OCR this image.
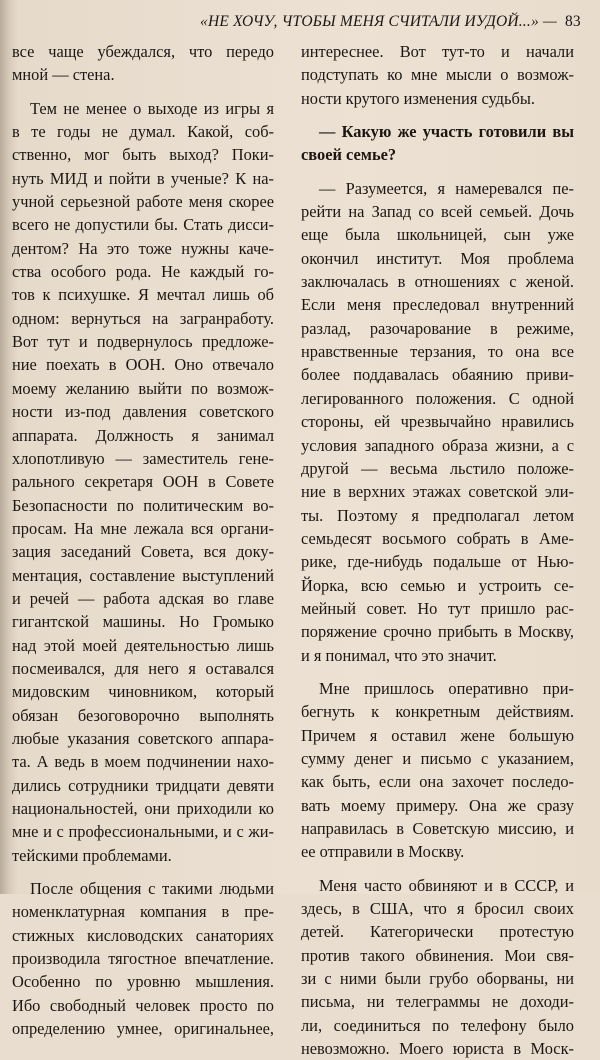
«НЕ ХОЧУ, ЧТОБЫ МЕНЯ СЧИТАЛИ ИУДОЙ...» — 83
все чаще убеждался, что передо
мной — стена.
Тем не менее о выходе из игры я
в те годы не думал. Какой, соб-
ственно, мог быть выход? Поки-
нуть МИД и пойти в ученые? К на-
учной серьезной работе меня скорее
всего не допустили бы. Стать дисси-
дентом? На это тоже нужны каче-
ства особого рода. Не каждый го-
тов к психушке. Я мечтал лишь об
одном: вернуться на загранработу.
Вот тут и подвернулось предложе-
ние поехать в ООН. Оно отвечало
моему желанию выйти по возмож-
ности из-под давления советского
аппарата. Должность я занимал
хлопотливую — заместитель гене-
рального секретаря ООН в Совете
Безопасности по политическим во-
просам. На мне лежала вся органи-
зация заседаний Совета, вся доку-
ментация, составление выступлений
и речей — работа адская во главе
гигантской машины. Но Громыко
над этой моей деятельностью лишь
посмеивался, для него я оставался
мидовским чиновником, который
обязан безоговорочно выполнять
любые указания советского аппара-
та. А ведь в моем подчинении нахо-
дились сотрудники тридцати девяти
национальностей, они приходили ко
мне и с профессиональными, и с жи-
тейскими проблемами.
После общения с такими людьми
номенклатурная компания в пре-
стижных кисловодских санаториях
производила тягостное впечатление.
Особенно по уровню мышления.
Ибо свободный человек просто по
определению умнее, оригинальнее,
интереснее. Вот тут-то и начали
подступать ко мне мысли о возмож-
ности крутого изменения судьбы.
— Какую же участь готовили вы
своей семье?
— Разумеется, я намеревался пе-
рейти на Запад со всей семьей. Дочь
еще была школьницей, сын уже
окончил институт. Моя проблема
заключалась в отношениях с женой.
Если меня преследовал внутренний
разлад, разочарование в режиме,
нравственные терзания, то она все
более поддавалась обаянию приви-
легированного положения. С одной
стороны, ей чрезвычайно нравились
условия западного образа жизни, а с
другой — весьма льстило положе-
ние в верхних этажах советской эли-
ты. Поэтому я предполагал летом
семьдесят восьмого собрать в Аме-
рике, где-нибудь подальше от Нью-
Йорка, всю семью и устроить се-
мейный совет. Но тут пришло рас-
поряжение срочно прибыть в Москву,
и я понимал, что это значит.
Мне пришлось оперативно при-
бегнуть к конкретным действиям.
Причем я оставил жене большую
сумму денег и письмо с указанием,
как быть, если она захочет последо-
вать моему примеру. Она же сразу
направилась в Советскую миссию, и
ее отправили в Москву.
Меня часто обвиняют и в СССР, и
здесь, в США, что я бросил своих
детей. Категорически протестую
против такого обвинения. Мои свя-
зи с ними были грубо оборваны, ни
письма, ни телеграммы не доходи-
ли, соединиться по телефону было
невозможно. Моего юриста в Моск-
